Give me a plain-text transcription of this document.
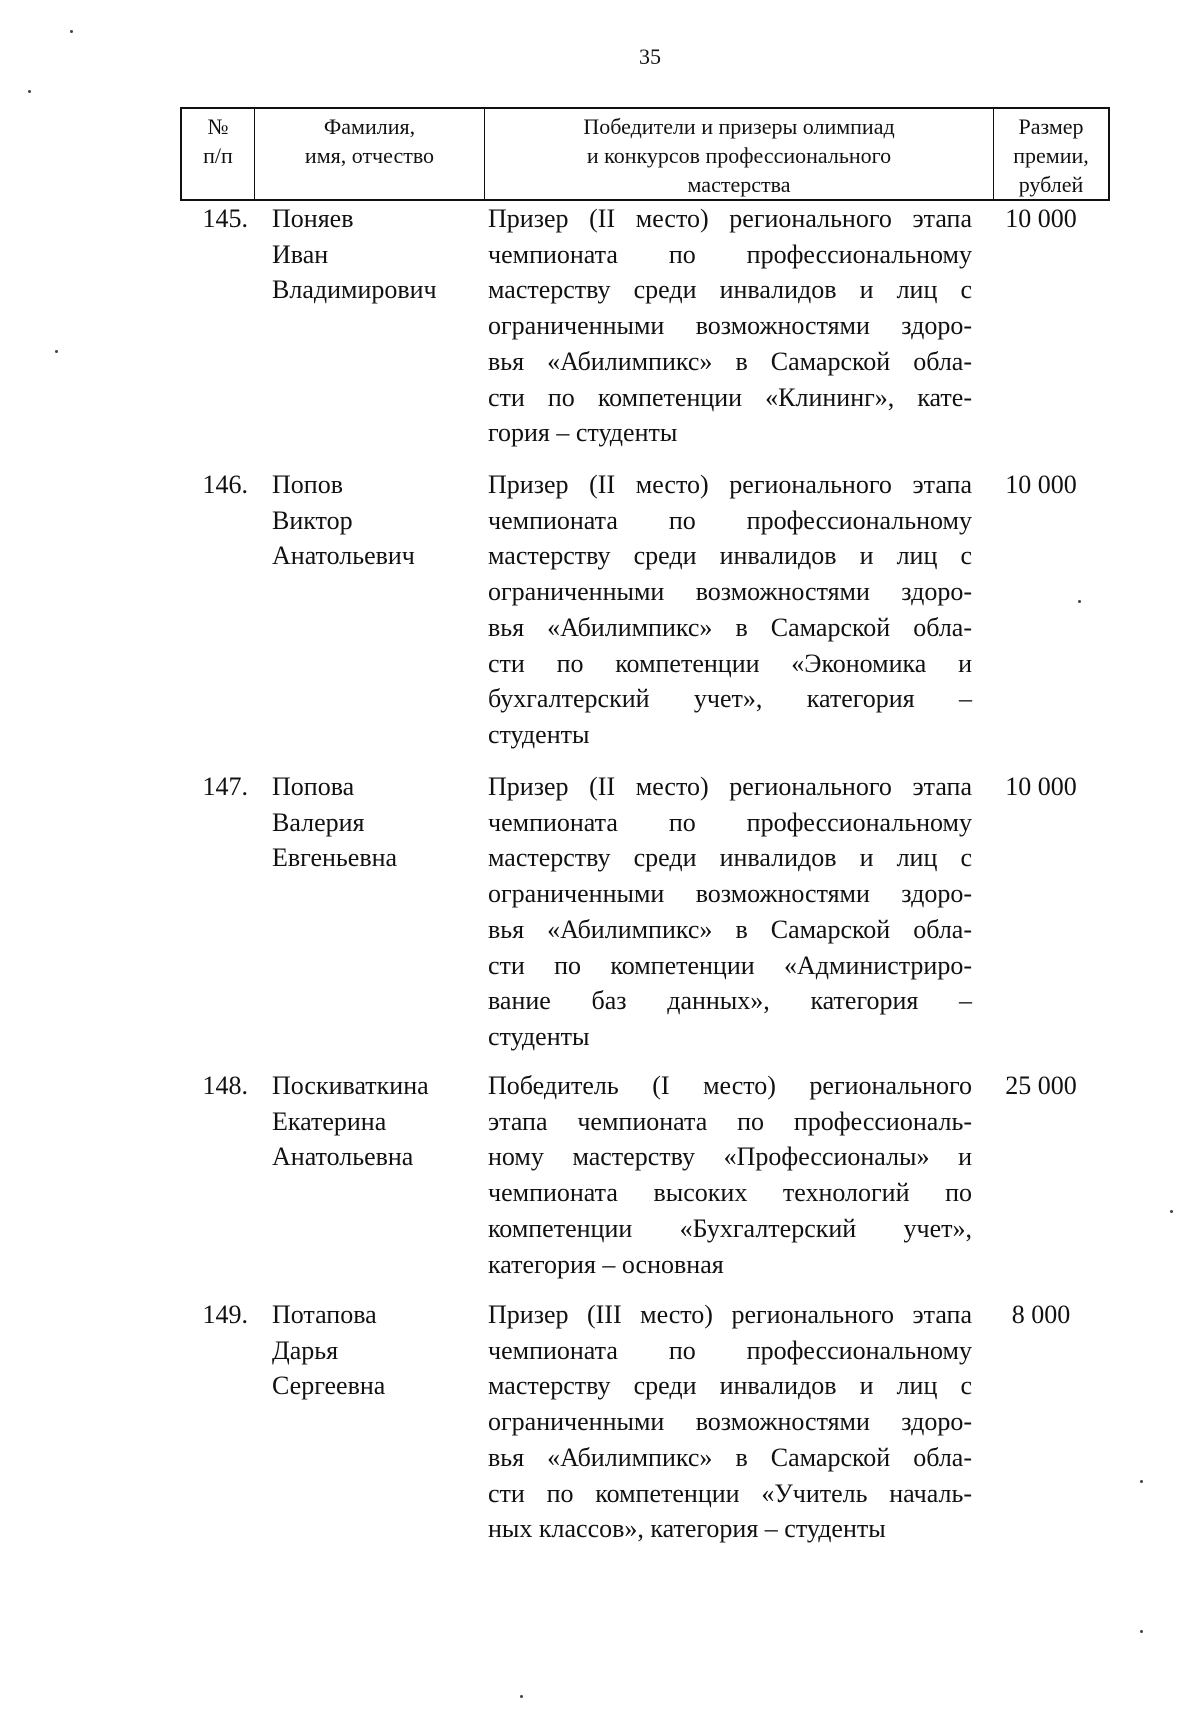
35
№
п/п
Фамилия,
имя, отчество
Победители и призеры олимпиад
и конкурсов профессионального
мастерства
Размер
премии,
рублей
145. Поняев
Иван
Владимирович
Призер (II место) регионального этапа
чемпионата по профессиональному
мастерству среди инвалидов и лиц с
ограниченными возможностями здоро-
вья «Абилимпикс» в Самарской обла-
сти по компетенции «Клининг», кате-
гория – студенты
10 000
146. Попов
Виктор
Анатольевич
Призер (II место) регионального этапа
чемпионата по профессиональному
мастерству среди инвалидов и лиц с
ограниченными возможностями здоро-
вья «Абилимпикс» в Самарской обла-
сти по компетенции «Экономика и
бухгалтерский учет», категория –
студенты
10 000
147. Попова
Валерия
Евгеньевна
Призер (II место) регионального этапа
чемпионата по профессиональному
мастерству среди инвалидов и лиц с
ограниченными возможностями здоро-
вья «Абилимпикс» в Самарской обла-
сти по компетенции «Администриро-
вание баз данных», категория –
студенты
10 000
148. Поскиваткина
Екатерина
Анатольевна
Победитель (I место) регионального
этапа чемпионата по профессиональ-
ному мастерству «Профессионалы» и
чемпионата высоких технологий по
компетенции «Бухгалтерский учет»,
категория – основная
25 000
149. Потапова
Дарья
Сергеевна
Призер (III место) регионального этапа
чемпионата по профессиональному
мастерству среди инвалидов и лиц с
ограниченными возможностями здоро-
вья «Абилимпикс» в Самарской обла-
сти по компетенции «Учитель началь-
ных классов», категория – студенты
8 000
